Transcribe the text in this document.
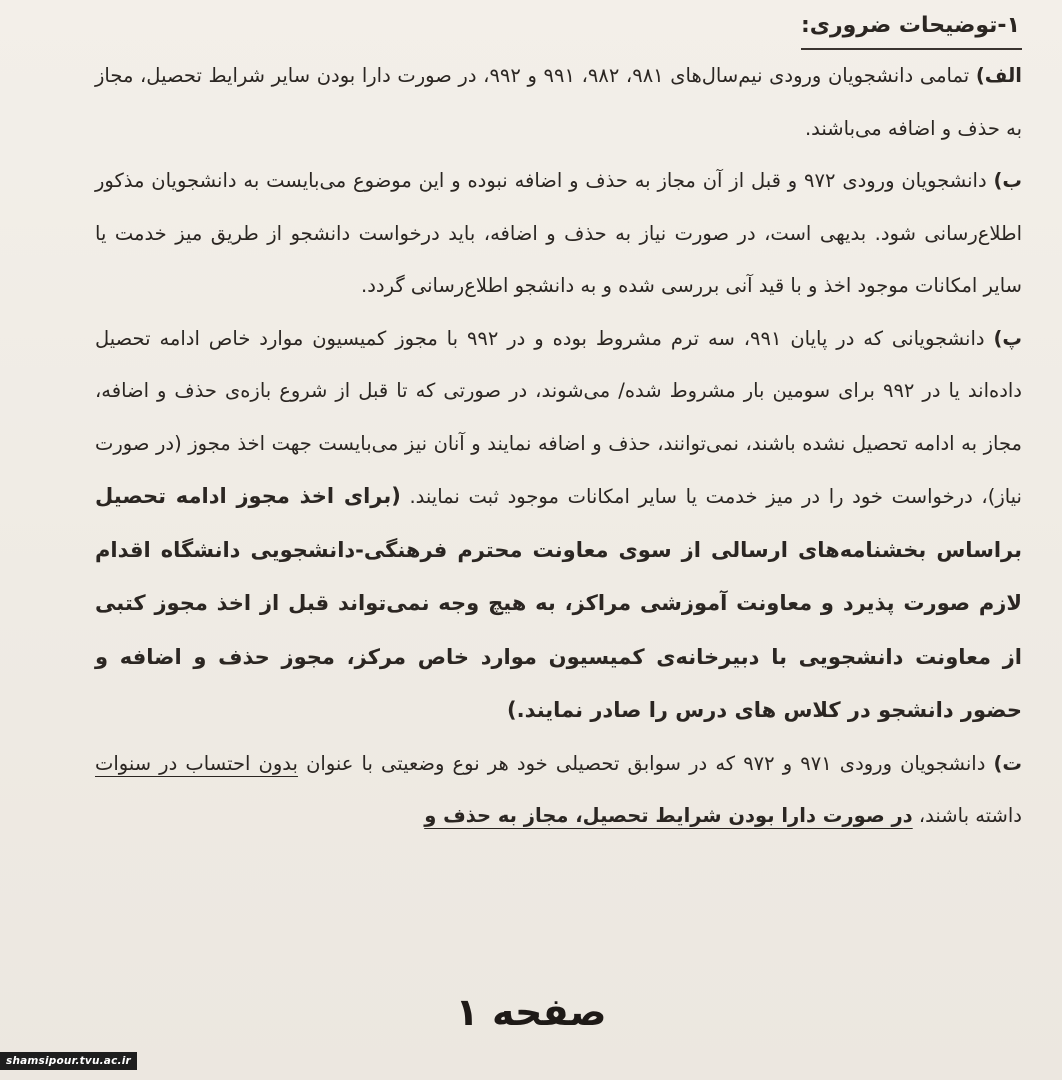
۱-توضیحات ضروری:

الف) تمامی دانشجویان ورودی نیم‌سال‌های ۹۸۱، ۹۸۲، ۹۹۱ و ۹۹۲، در صورت دارا بودن سایر شرایط تحصیل، مجاز به حذف و اضافه می‌باشند.

ب) دانشجویان ورودی ۹۷۲ و قبل از آن مجاز به حذف و اضافه نبوده و این موضوع می‌بایست به دانشجویان مذکور اطلاع‌رسانی شود. بدیهی است، در صورت نیاز به حذف و اضافه، باید درخواست دانشجو از طریق میز خدمت یا سایر امکانات موجود اخذ و با قید آنی بررسی شده و به دانشجو اطلاع‌رسانی گردد.

پ) دانشجویانی که در پایان ۹۹۱، سه ترم مشروط بوده و در ۹۹۲ با مجوز کمیسیون موارد خاص ادامه تحصیل داده‌اند یا در ۹۹۲ برای سومین بار مشروط شده/ می‌شوند، در صورتی که تا قبل از شروع بازه‌ی حذف و اضافه، مجاز به ادامه تحصیل نشده باشند، نمی‌توانند، حذف و اضافه نمایند و آنان نیز می‌بایست جهت اخذ مجوز (در صورت نیاز)، درخواست خود را در میز خدمت یا سایر امکانات موجود ثبت نمایند. (برای اخذ مجوز ادامه تحصیل براساس بخشنامه‌های ارسالی از سوی معاونت محترم فرهنگی-دانشجویی دانشگاه اقدام لازم صورت پذیرد و معاونت آموزشی مراکز، به هیچ وجه نمی‌تواند قبل از اخذ مجوز کتبی از معاونت دانشجویی با دبیرخانه‌ی کمیسیون موارد خاص مرکز، مجوز حذف و اضافه و حضور دانشجو در کلاس های درس را صادر نمایند.)

ت) دانشجویان ورودی ۹۷۱ و ۹۷۲ که در سوابق تحصیلی خود هر نوع وضعیتی با عنوان بدون احتساب در سنوات داشته باشند، در صورت دارا بودن شرایط تحصیل، مجاز به حذف و

صفحه ۱
shamsipour.tvu.ac.ir
